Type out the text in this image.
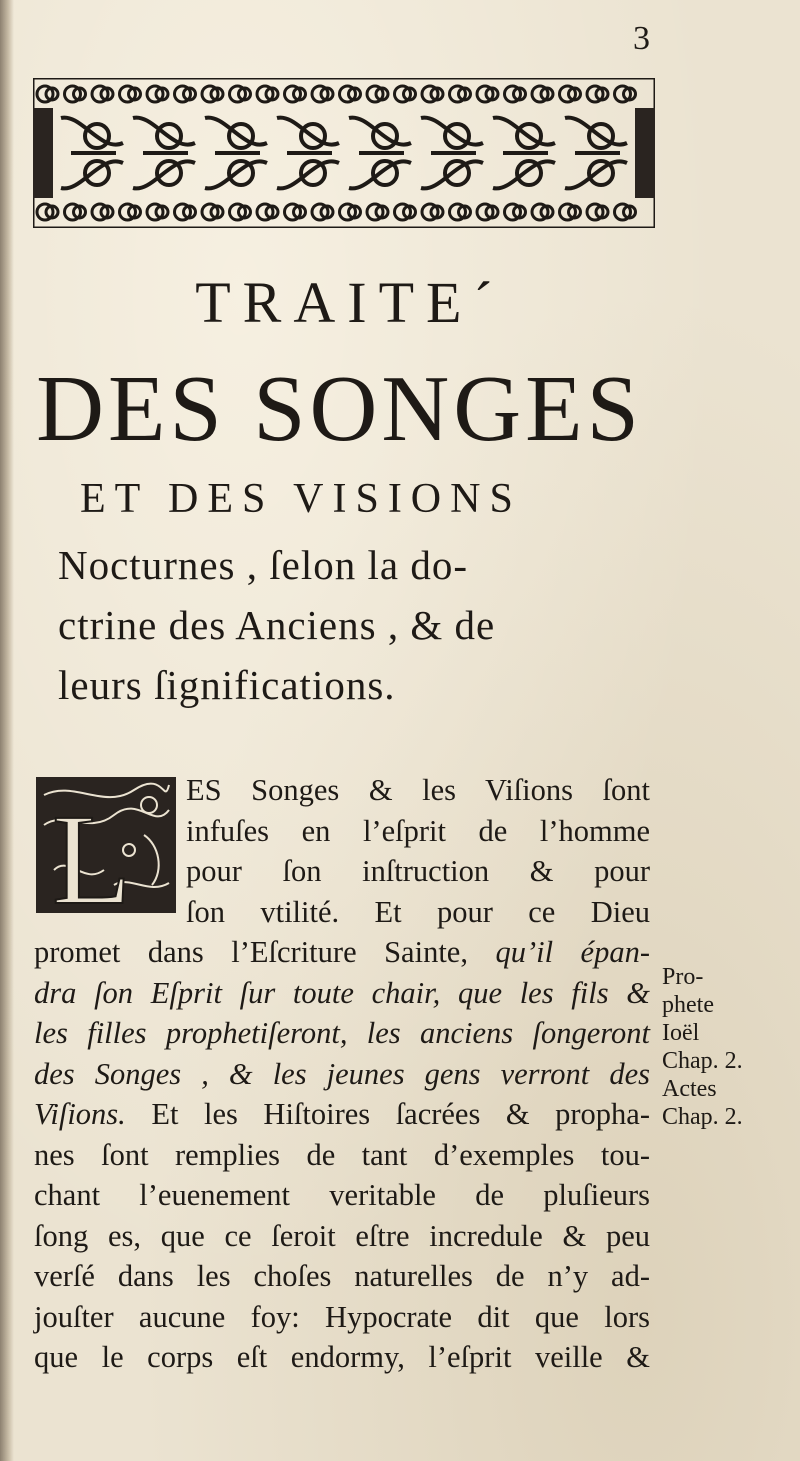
3
TRAITE´
DES SONGES
ET DES VISIONS
Nocturnes , ſelon la do-
ctrine des Anciens , & de
leurs ſignifications.
L	ES Songes & les Viſions ſont
infuſes en l’eſprit de l’homme
pour ſon inſtruction & pour
ſon vtilité. Et pour ce Dieu
promet dans l’Eſcriture Sainte, qu’il épan-
dra ſon Eſprit ſur toute chair, que les fils &
les filles prophetiſeront, les anciens ſongeront
des Songes , & les jeunes gens verront des
Viſions. Et les Hiſtoires ſacrées & propha-
nes ſont remplies de tant d’exemples tou-
chant l’euenement veritable de pluſieurs
ſong es, que ce ſeroit eſtre incredule & peu
verſé dans les choſes naturelles de n’y ad-
jouſter aucune foy: Hypocrate dit que lors
que le corps eſt endormy, l’eſprit veille &
Pro-
phete
Ioël
Chap. 2.
Actes
Chap. 2.
